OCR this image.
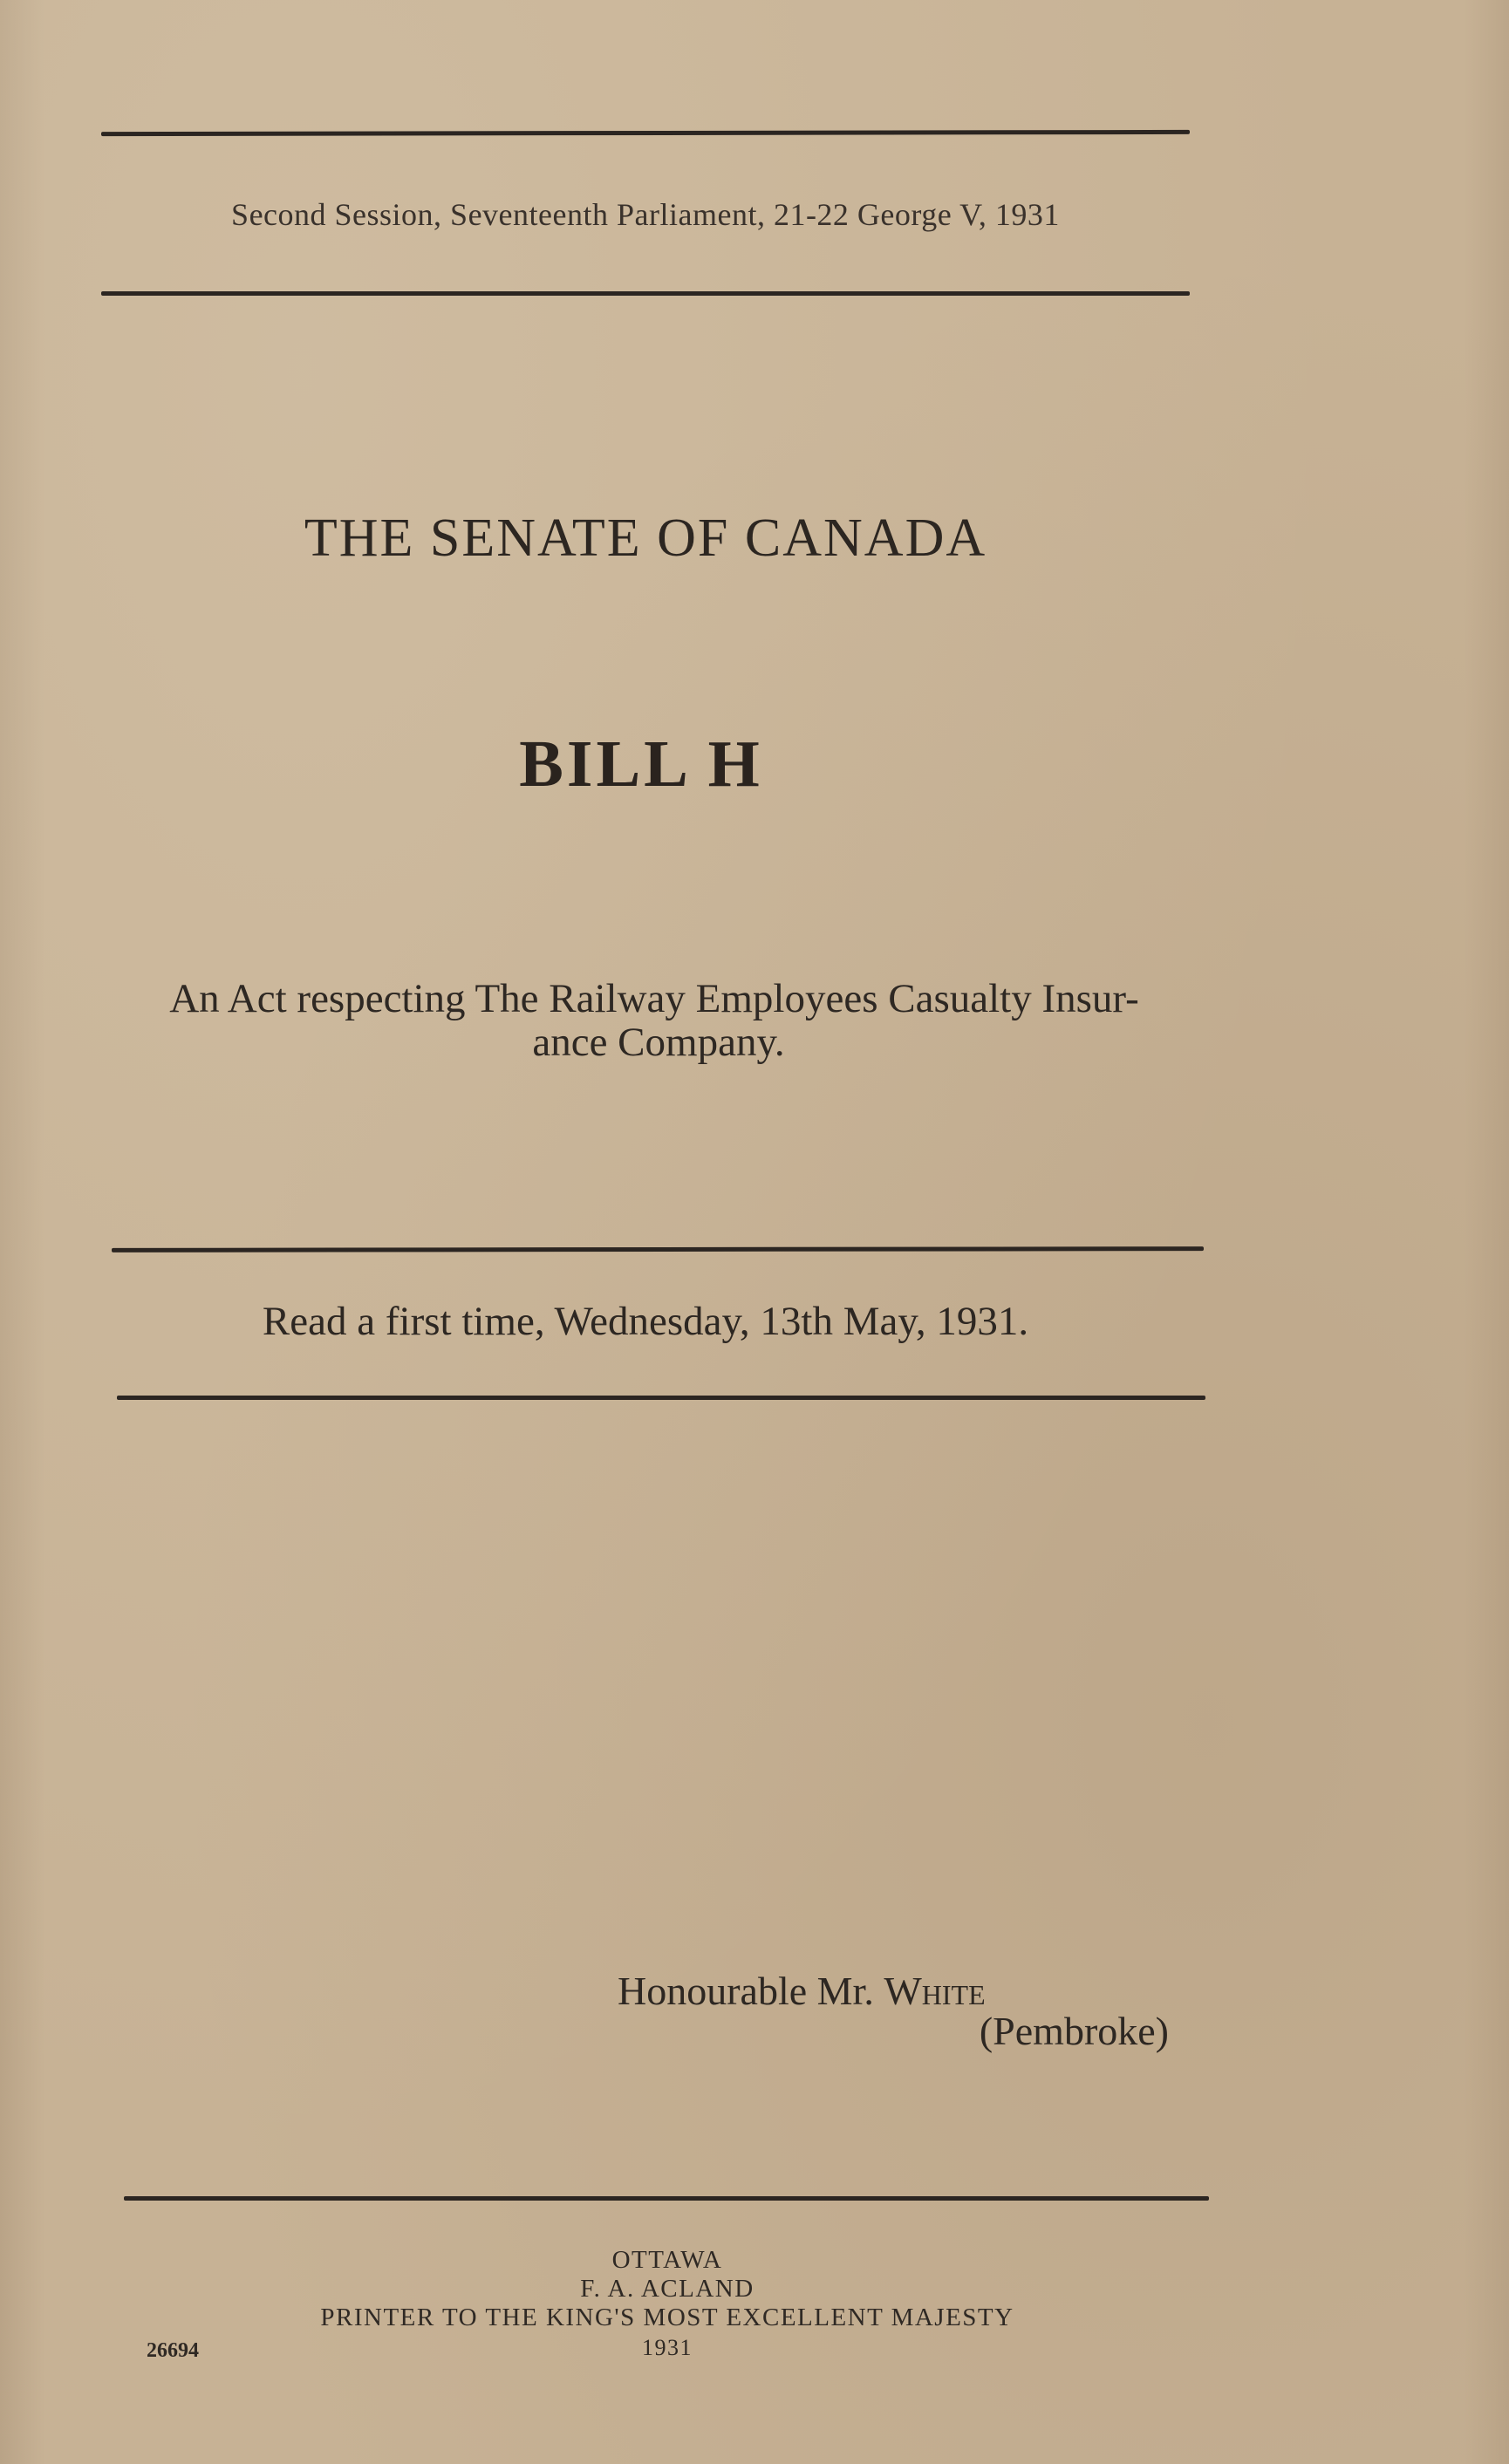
Second Session, Seventeenth Parliament, 21-22 George V, 1931
THE SENATE OF CANADA
BILL H
An Act respecting The Railway Employees Casualty Insur-
ance Company.
Read a first time, Wednesday, 13th May, 1931.
Honourable Mr. White
(Pembroke)
OTTAWA
F. A. ACLAND
PRINTER TO THE KING'S MOST EXCELLENT MAJESTY
1931
26694
